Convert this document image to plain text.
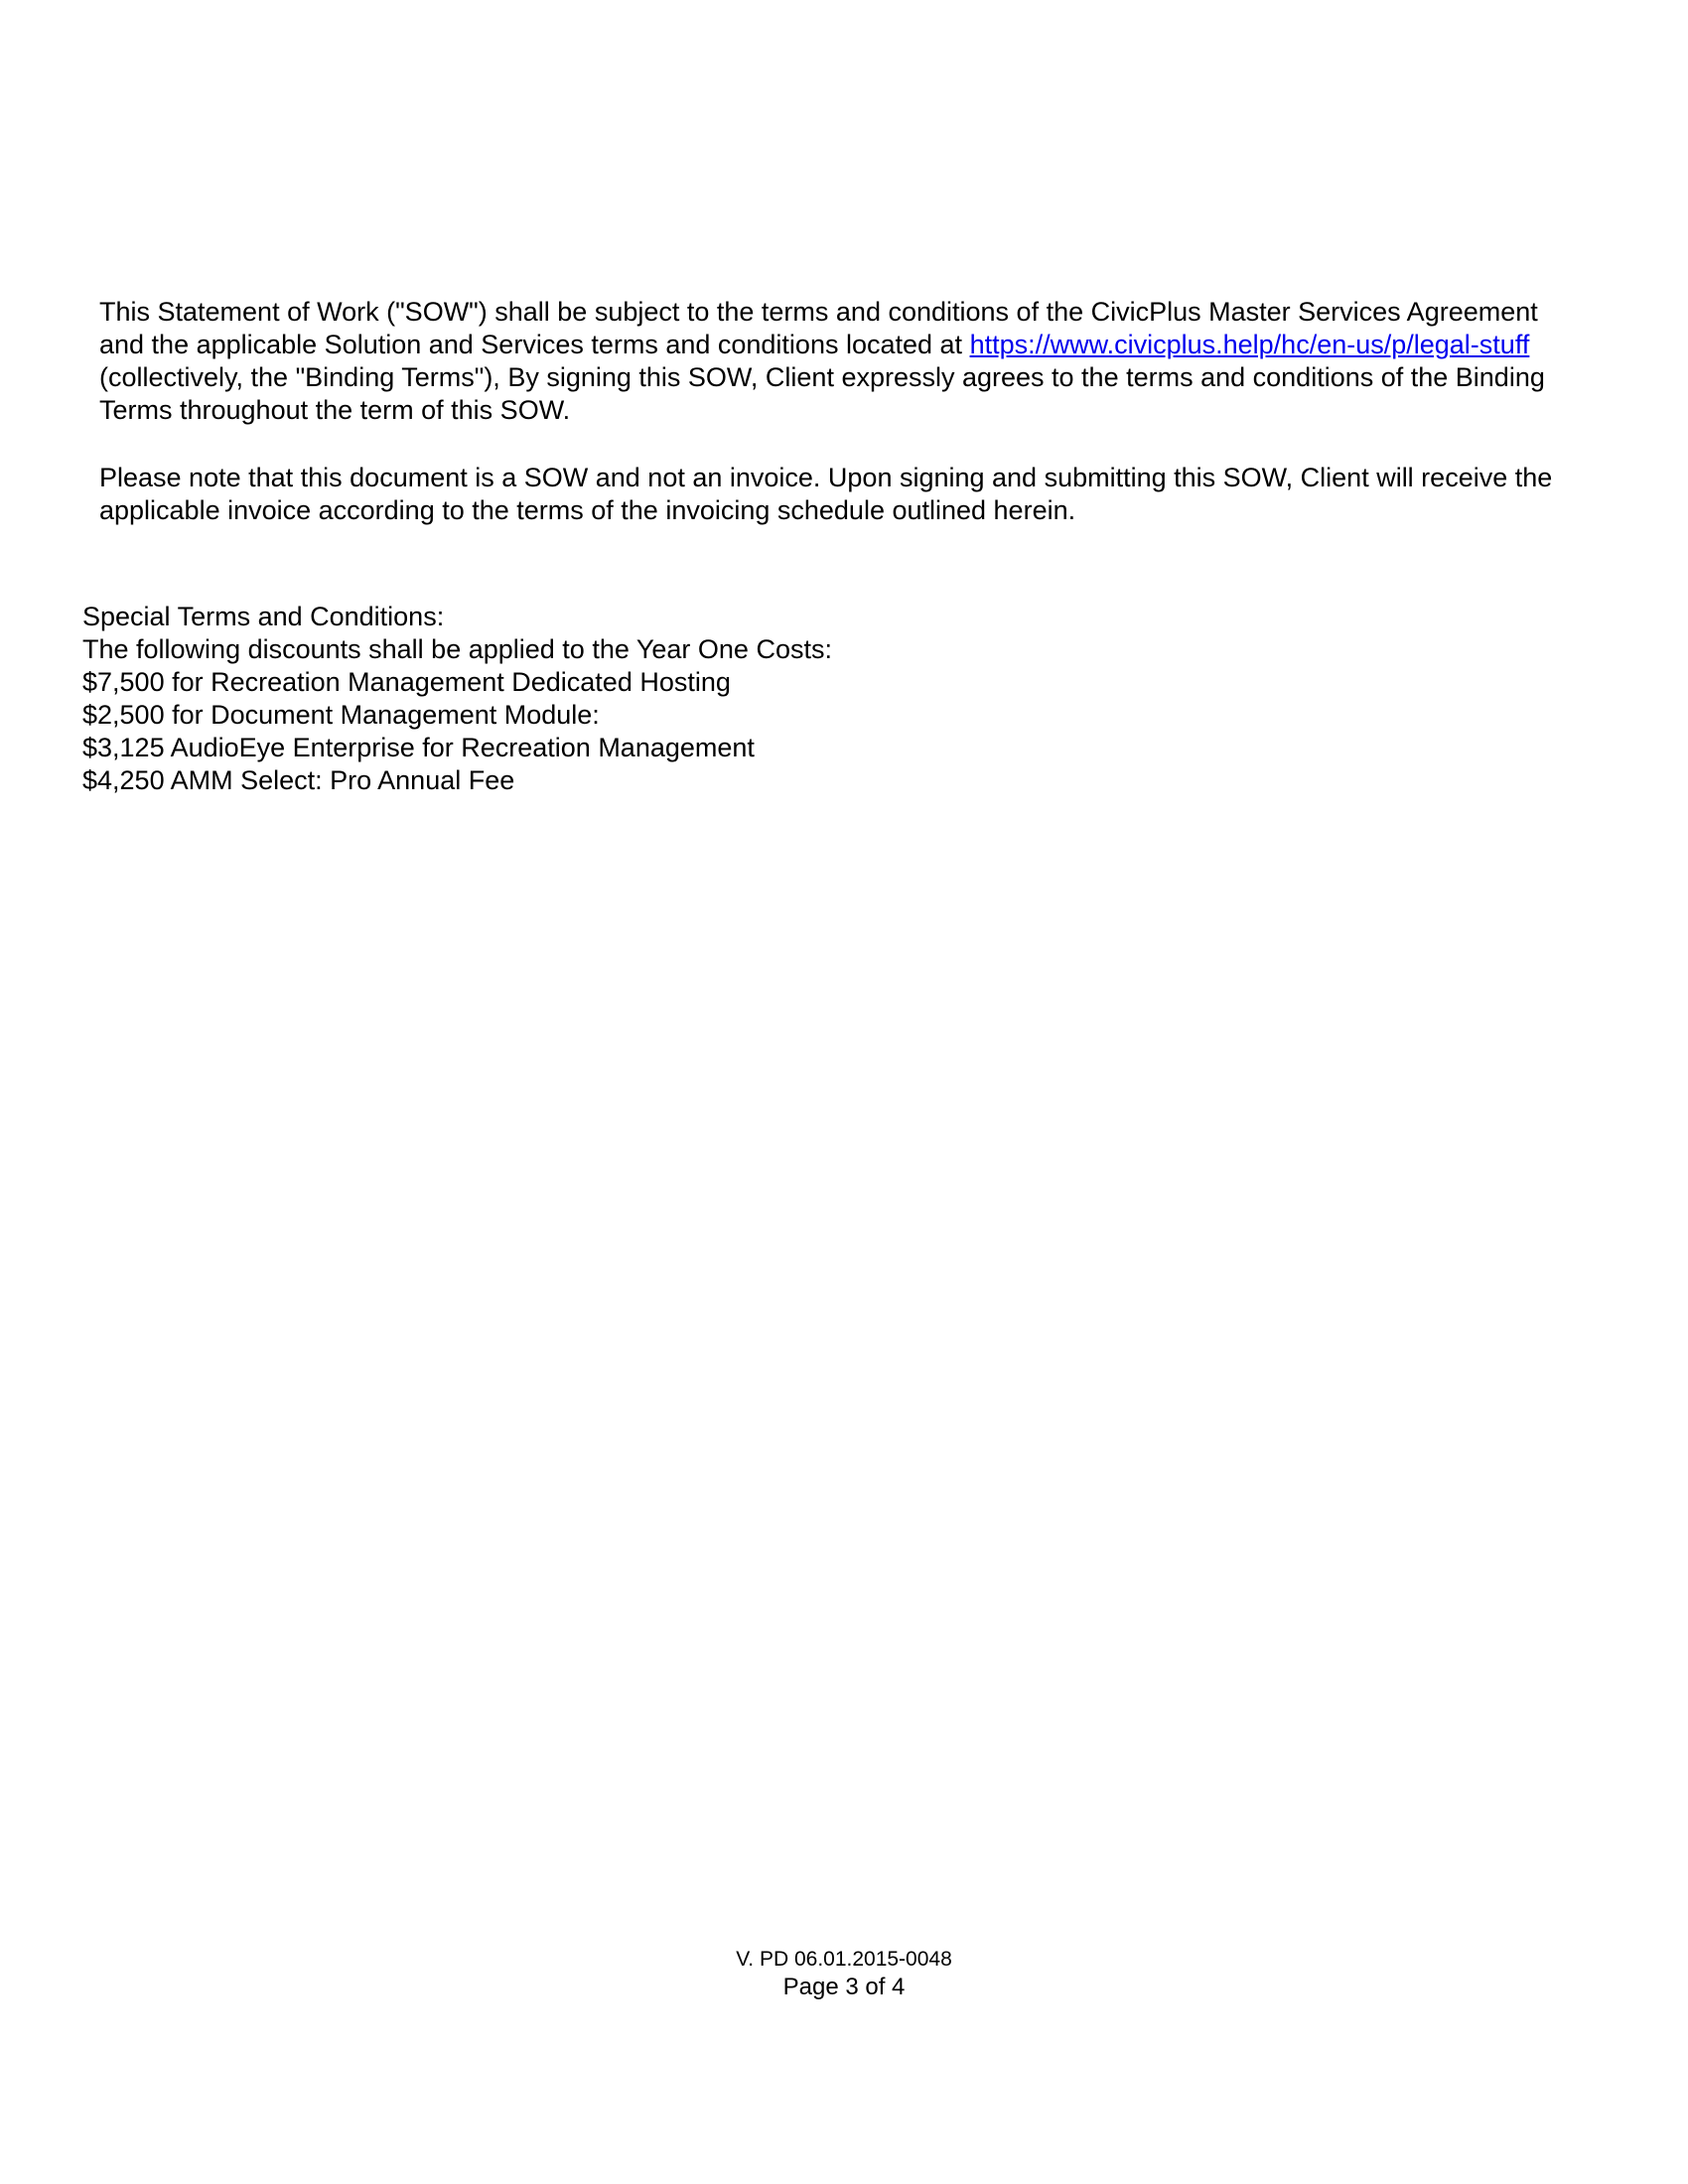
This Statement of Work ("SOW") shall be subject to the terms and conditions of the CivicPlus Master Services Agreement and the applicable Solution and Services terms and conditions located at https://www.civicplus.help/hc/en-us/p/legal-stuff (collectively, the "Binding Terms"), By signing this SOW, Client expressly agrees to the terms and conditions of the Binding Terms throughout the term of this SOW.

Please note that this document is a SOW and not an invoice. Upon signing and submitting this SOW, Client will receive the applicable invoice according to the terms of the invoicing schedule outlined herein.

Special Terms and Conditions:
The following discounts shall be applied to the Year One Costs:
$7,500 for Recreation Management Dedicated Hosting
$2,500 for Document Management Module:
$3,125 AudioEye Enterprise for Recreation Management
$4,250 AMM Select: Pro Annual Fee
V. PD 06.01.2015-0048
Page 3 of 4
